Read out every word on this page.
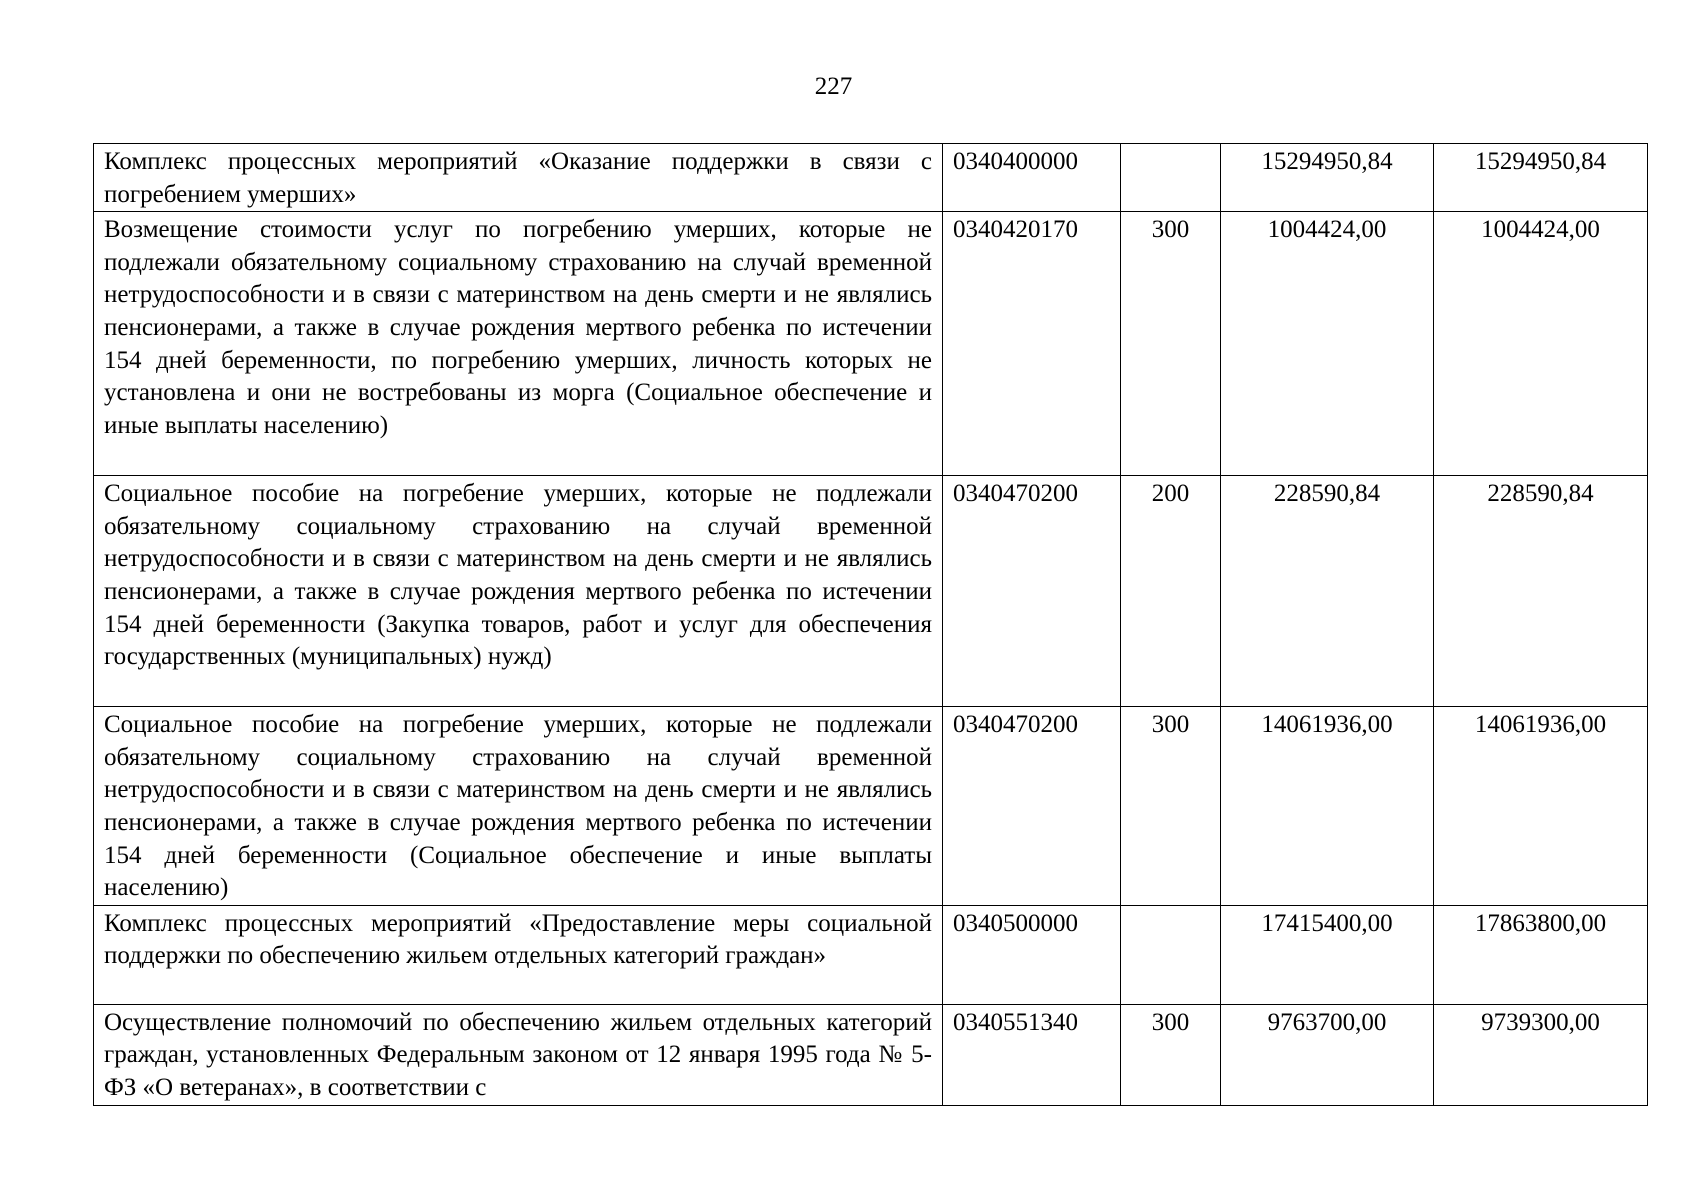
227
Комплекс процессных мероприятий «Оказание поддержки в связи с погребением умерших»	0340400000		15294950,84	15294950,84
Возмещение стоимости услуг по погребению умерших, которые не подлежали обязательному социальному страхованию на случай временной нетрудоспособности и в связи с материнством на день смерти и не являлись пенсионерами, а также в случае рождения мертвого ребенка по истечении 154 дней беременности, по погребению умерших, личность которых не установлена и они не востребованы из морга (Социальное обеспечение и иные выплаты населению)	0340420170	300	1004424,00	1004424,00
Социальное пособие на погребение умерших, которые не подлежали обязательному социальному страхованию на случай временной нетрудоспособности и в связи с материнством на день смерти и не являлись пенсионерами, а также в случае рождения мертвого ребенка по истечении 154 дней беременности (Закупка товаров, работ и услуг для обеспечения государственных (муниципальных) нужд)	0340470200	200	228590,84	228590,84
Социальное пособие на погребение умерших, которые не подлежали обязательному социальному страхованию на случай временной нетрудоспособности и в связи с материнством на день смерти и не являлись пенсионерами, а также в случае рождения мертвого ребенка по истечении 154 дней беременности (Социальное обеспечение и иные выплаты населению)	0340470200	300	14061936,00	14061936,00
Комплекс процессных мероприятий «Предоставление меры социальной поддержки по обеспечению жильем отдельных категорий граждан»	0340500000		17415400,00	17863800,00
Осуществление полномочий по обеспечению жильем отдельных категорий граждан, установленных Федеральным законом от 12 января 1995 года № 5-ФЗ «О ветеранах», в соответствии с	0340551340	300	9763700,00	9739300,00
